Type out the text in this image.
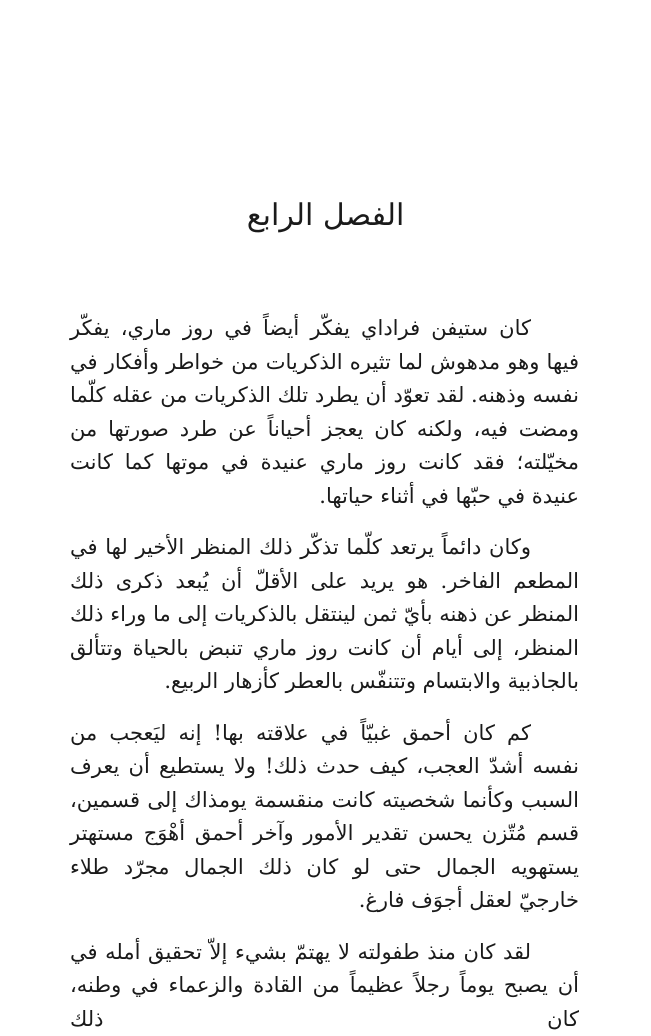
الفصل الرابع

كان ستيفن فراداي يفكّر أيضاً في روز ماري، يفكّر فيها وهو مدهوش لما تثيره الذكريات من خواطر وأفكار في نفسه وذهنه. لقد تعوّد أن يطرد تلك الذكريات من عقله كلّما ومضت فيه، ولكنه كان يعجز أحياناً عن طرد صورتها من مخيّلته؛ فقد كانت روز ماري عنيدة في موتها كما كانت عنيدة في حبّها في أثناء حياتها.

وكان دائماً يرتعد كلّما تذكّر ذلك المنظر الأخير لها في المطعم الفاخر. هو يريد على الأقلّ أن يُبعد ذكرى ذلك المنظر عن ذهنه بأيّ ثمن لينتقل بالذكريات إلى ما وراء ذلك المنظر، إلى أيام أن كانت روز ماري تنبض بالحياة وتتألق بالجاذبية والابتسام وتتنفّس بالعطر كأزهار الربيع.

كم كان أحمق غبيّاً في علاقته بها! إنه ليَعجب من نفسه أشدّ العجب، كيف حدث ذلك! ولا يستطيع أن يعرف السبب وكأنما شخصيته كانت منقسمة يومذاك إلى قسمين، قسم مُتّزن يحسن تقدير الأمور وآخر أحمق أهْوَج مستهتر يستهويه الجمال حتى لو كان ذلك الجمال مجرّد طلاء خارجيّ لعقل أجوَف فارغ.

لقد كان منذ طفولته لا يهتمّ بشيء إلاّ تحقيق أمله في أن يصبح يوماً رجلاً عظيماً من القادة والزعماء في وطنه، كان ذلك
